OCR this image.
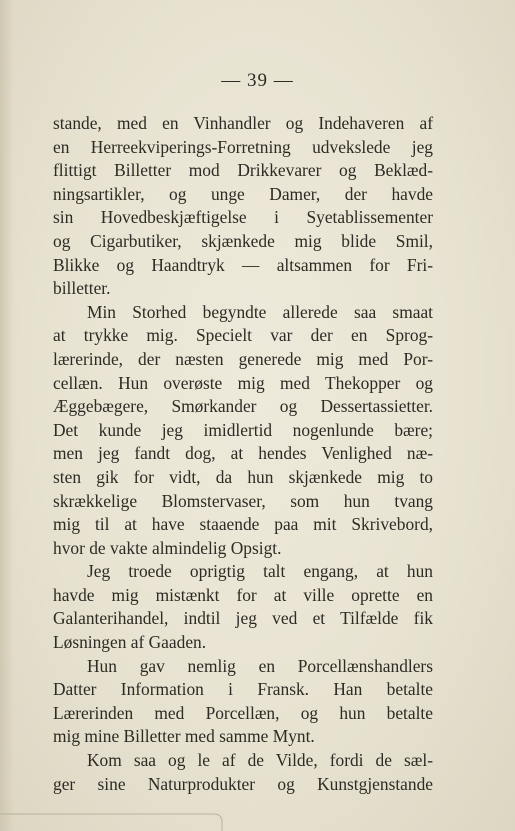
— 39 —
stande, med en Vinhandler og Indehaveren af
en Herreekviperings-Forretning udvekslede jeg
flittigt Billetter mod Drikkevarer og Beklæd-
ningsartikler, og unge Damer, der havde
sin Hovedbeskjæftigelse i Syetablissementer
og Cigarbutiker, skjænkede mig blide Smil,
Blikke og Haandtryk — altsammen for Fri-
billetter.
Min Storhed begyndte allerede saa smaat
at trykke mig. Specielt var der en Sprog-
lærerinde, der næsten generede mig med Por-
cellæn. Hun overøste mig med Thekopper og
Æggebægere, Smørkander og Dessertassietter.
Det kunde jeg imidlertid nogenlunde bære;
men jeg fandt dog, at hendes Venlighed næ-
sten gik for vidt, da hun skjænkede mig to
skrækkelige Blomstervaser, som hun tvang
mig til at have staaende paa mit Skrivebord,
hvor de vakte almindelig Opsigt.
Jeg troede oprigtig talt engang, at hun
havde mig mistænkt for at ville oprette en
Galanterihandel, indtil jeg ved et Tilfælde fik
Løsningen af Gaaden.
Hun gav nemlig en Porcellænshandlers
Datter Information i Fransk. Han betalte
Lærerinden med Porcellæn, og hun betalte
mig mine Billetter med samme Mynt.
Kom saa og le af de Vilde, fordi de sæl-
ger sine Naturprodukter og Kunstgjenstande
